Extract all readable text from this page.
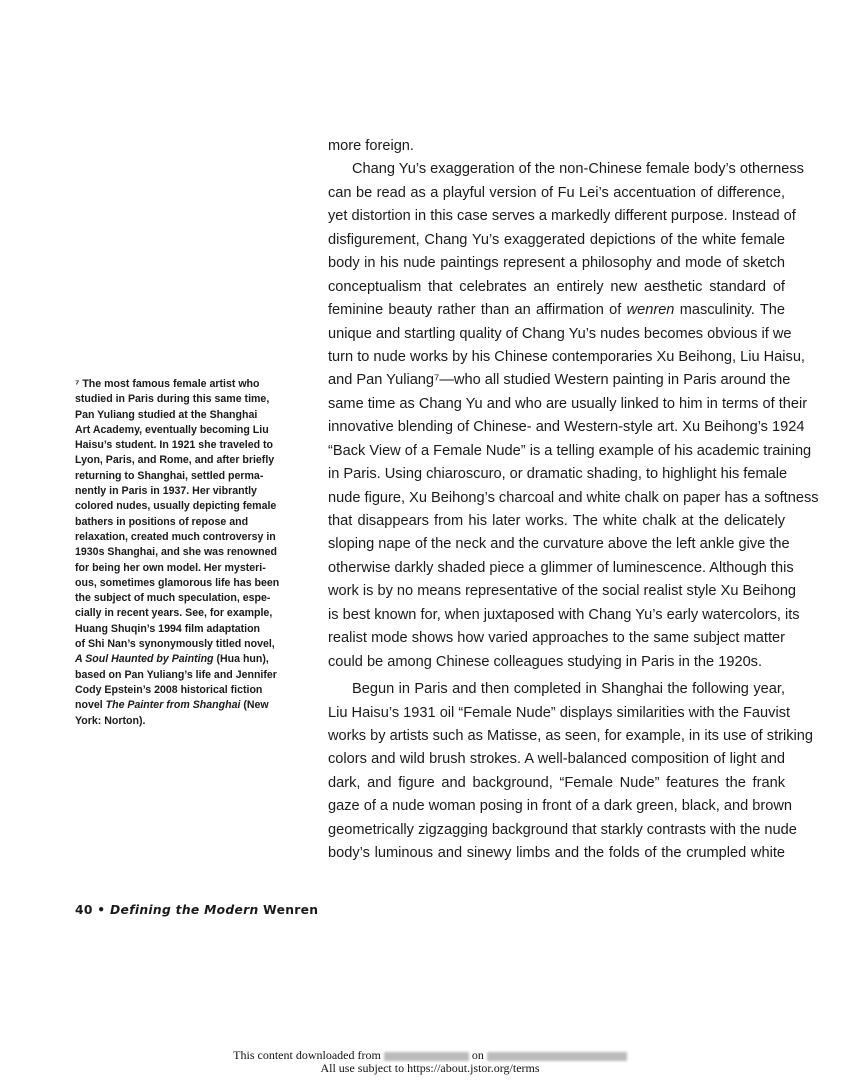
more foreign.
Chang Yu’s exaggeration of the non-Chinese female body’s otherness
can be read as a playful version of Fu Lei’s accentuation of difference,
yet distortion in this case serves a markedly different purpose. Instead of
disfigurement, Chang Yu’s exaggerated depictions of the white female
body in his nude paintings represent a philosophy and mode of sketch
conceptualism that celebrates an entirely new aesthetic standard of
feminine beauty rather than an affirmation of wenren masculinity. The
unique and startling quality of Chang Yu’s nudes becomes obvious if we
turn to nude works by his Chinese contemporaries Xu Beihong, Liu Haisu,
and Pan Yuliang⁷—who all studied Western painting in Paris around the
same time as Chang Yu and who are usually linked to him in terms of their
innovative blending of Chinese- and Western-style art. Xu Beihong’s 1924
“Back View of a Female Nude” is a telling example of his academic training
in Paris. Using chiaroscuro, or dramatic shading, to highlight his female
nude figure, Xu Beihong’s charcoal and white chalk on paper has a softness
that disappears from his later works. The white chalk at the delicately
sloping nape of the neck and the curvature above the left ankle give the
otherwise darkly shaded piece a glimmer of luminescence. Although this
work is by no means representative of the social realist style Xu Beihong
is best known for, when juxtaposed with Chang Yu’s early watercolors, its
realist mode shows how varied approaches to the same subject matter
could be among Chinese colleagues studying in Paris in the 1920s.
Begun in Paris and then completed in Shanghai the following year,
Liu Haisu’s 1931 oil “Female Nude” displays similarities with the Fauvist
works by artists such as Matisse, as seen, for example, in its use of striking
colors and wild brush strokes. A well-balanced composition of light and
dark, and figure and background, “Female Nude” features the frank
gaze of a nude woman posing in front of a dark green, black, and brown
geometrically zigzagging background that starkly contrasts with the nude
body’s luminous and sinewy limbs and the folds of the crumpled white
⁷ The most famous female artist who
studied in Paris during this same time,
Pan Yuliang studied at the Shanghai
Art Academy, eventually becoming Liu
Haisu’s student. In 1921 she traveled to
Lyon, Paris, and Rome, and after briefly
returning to Shanghai, settled perma-
nently in Paris in 1937. Her vibrantly
colored nudes, usually depicting female
bathers in positions of repose and
relaxation, created much controversy in
1930s Shanghai, and she was renowned
for being her own model. Her mysteri-
ous, sometimes glamorous life has been
the subject of much speculation, espe-
cially in recent years. See, for example,
Huang Shuqin’s 1994 film adaptation
of Shi Nan’s synonymously titled novel,
A Soul Haunted by Painting (Hua hun),
based on Pan Yuliang’s life and Jennifer
Cody Epstein’s 2008 historical fiction
novel The Painter from Shanghai (New
York: Norton).
40 • Defining the Modern Wenren
This content downloaded from	on
All use subject to https://about.jstor.org/terms
